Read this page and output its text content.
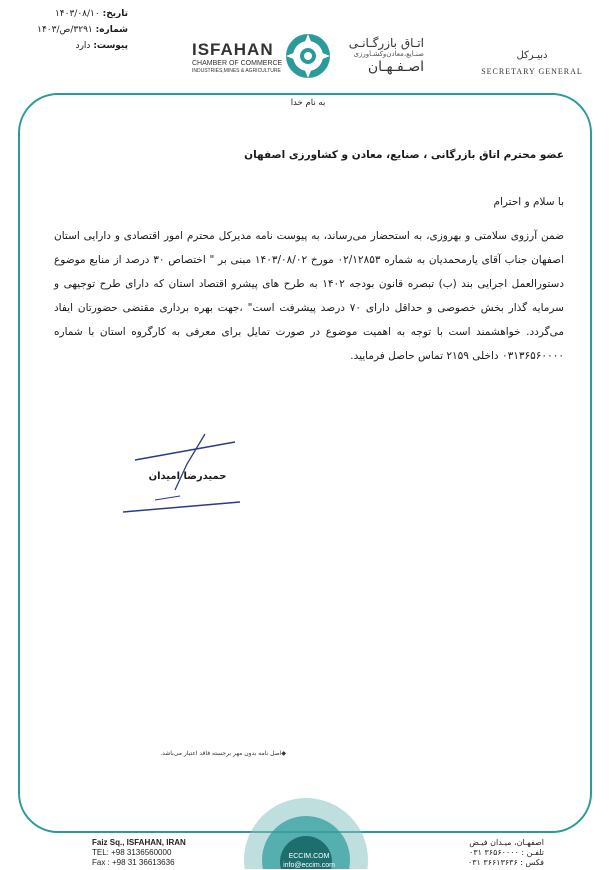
تاریخ: ۱۴۰۳/۰۸/۱۰
شماره: ۳۲۹۱/ص/۱۴۰۳
پیوست: دارد	ISFAHAN
CHAMBER OF COMMERCE
INDUSTRIES,MINES & AGRICULTURE
اتـاق بازرگـانـی
صنـایع،معادن‌وکشـاورزی
اصـفـهـان
دبیـرکل
SECRETARY GENERAL
به نام خدا
عضو محترم اتاق بازرگانی ، صنایع، معادن و کشاورزی اصفهان
با سلام و احترام
ضمن آرزوی سلامتی و بهروزی، به استحضار می‌رساند، به پیوست نامه مدیرکل محترم امور اقتصادی و دارایی استان اصفهان جناب آقای یارمحمدیان به شماره ۰۲/۱۲۸۵۳ مورخ ۱۴۰۳/۰۸/۰۲ مبنی بر " اختصاص ۳۰ درصد از منابع موضوع دستورالعمل اجرایی بند (ب) تبصره قانون بودجه ۱۴۰۲ به طرح های پیشرو اقتصاد استان که دارای طرح توجیهی و سرمایه گذار بخش خصوصی و حداقل دارای ۷۰ درصد پیشرفت است" ،جهت بهره برداری مقتضی حضورتان ایفاد می‌گردد. خواهشمند است با توجه به اهمیت موضوع در صورت تمایل برای معرفی به کارگروه استان با شماره ۰۳۱۳۶۵۶۰۰۰۰ داخلی ۲۱۵۹ تماس حاصل فرمایید.
حمیدرضا امیدان
◆اصل نامه بدون مهر برجسته فاقد اعتبار می‌باشد.
ECCIM.COM
info@eccim.com
Faiz Sq., ISFAHAN, IRAN
TEL: +98 3136560000
Fax : +98 31 36613636
اصفهـان، میـدان فیـض
تلفـن : ۳۶۵۶۰۰۰۰ ۰۳۱
فکس : ۳۶۶۱۳۶۳۶ ۰۳۱
